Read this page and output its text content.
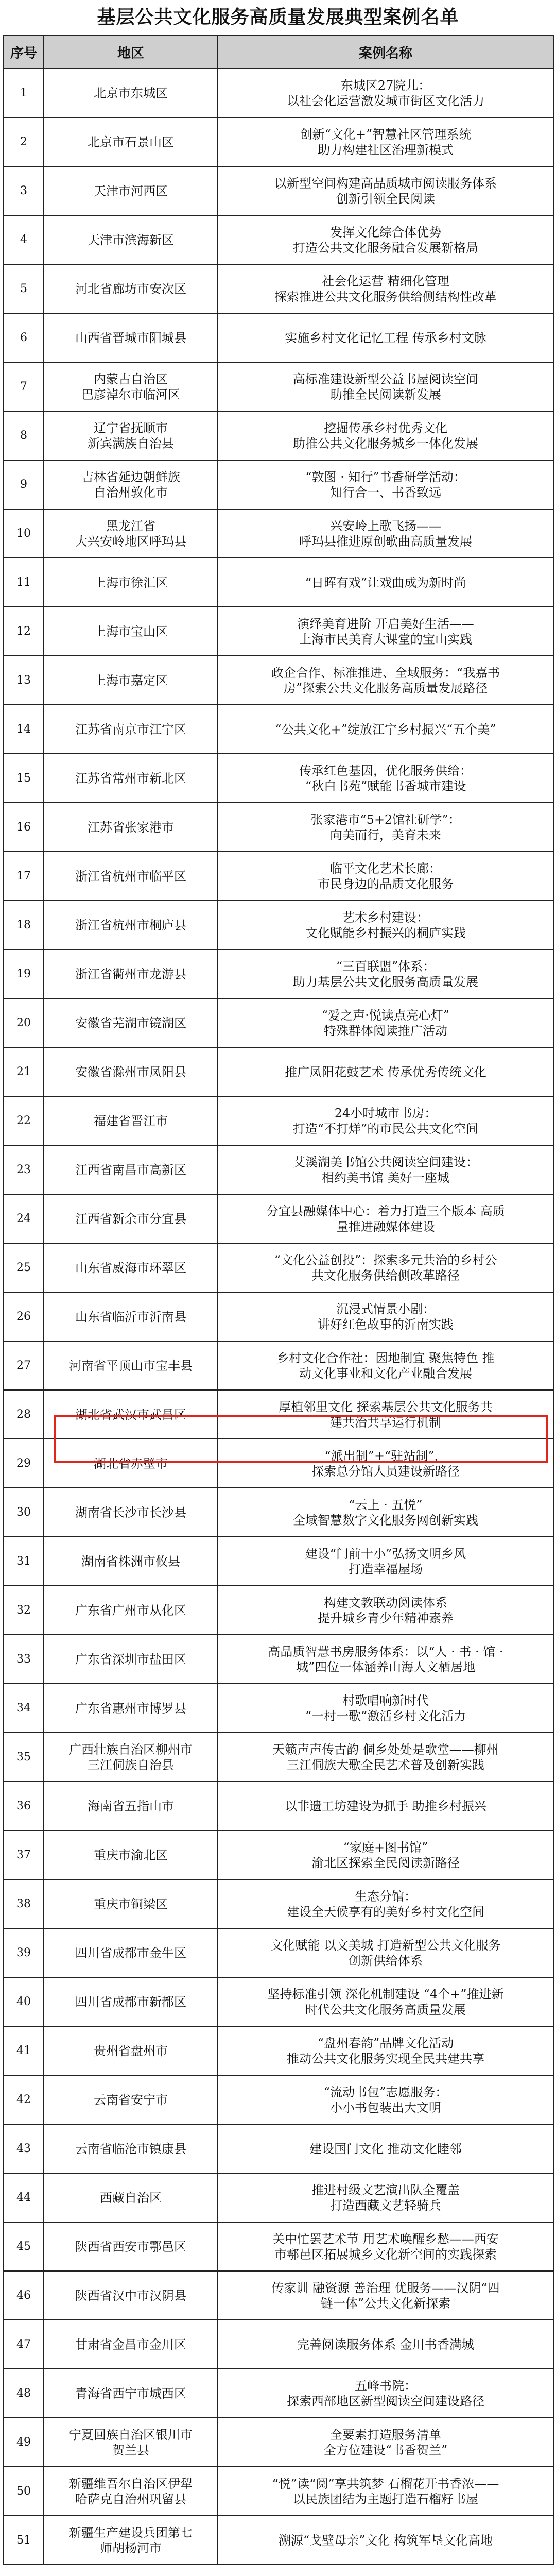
基层公共文化服务高质量发展典型案例名单
序号	地区	案例名称
1	北京市东城区	东城区27院儿：
以社会化运营激发城市街区文化活力
2	北京市石景山区	创新“文化+”智慧社区管理系统
助力构建社区治理新模式
3	天津市河西区	以新型空间构建高品质城市阅读服务体系
创新引领全民阅读
4	天津市滨海新区	发挥文化综合体优势
打造公共文化服务融合发展新格局
5	河北省廊坊市安次区	社会化运营 精细化管理
探索推进公共文化服务供给侧结构性改革
6	山西省晋城市阳城县	实施乡村文化记忆工程 传承乡村文脉
7	内蒙古自治区
巴彦淖尔市临河区	高标准建设新型公益书屋阅读空间
助推全民阅读新发展
8	辽宁省抚顺市
新宾满族自治县	挖掘传承乡村优秀文化
助推公共文化服务城乡一体化发展
9	吉林省延边朝鲜族
自治州敦化市	“敦图 · 知行”书香研学活动：
知行合一、书香致远
10	黑龙江省
大兴安岭地区呼玛县	兴安岭上歌飞扬——
呼玛县推进原创歌曲高质量发展
11	上海市徐汇区	“日晖有戏”让戏曲成为新时尚
12	上海市宝山区	演绎美育进阶 开启美好生活——
上海市民美育大课堂的宝山实践
13	上海市嘉定区	政企合作、标准推进、全域服务：“我嘉书
房”探索公共文化服务高质量发展路径
14	江苏省南京市江宁区	“公共文化+”绽放江宁乡村振兴“五个美”
15	江苏省常州市新北区	传承红色基因，优化服务供给：
“秋白书苑”赋能书香城市建设
16	江苏省张家港市	张家港市“5+2馆社研学”：
向美而行，美育未来
17	浙江省杭州市临平区	临平文化艺术长廊：
市民身边的品质文化服务
18	浙江省杭州市桐庐县	艺术乡村建设：
文化赋能乡村振兴的桐庐实践
19	浙江省衢州市龙游县	“三百联盟”体系：
助力基层公共文化服务高质量发展
20	安徽省芜湖市镜湖区	“爱之声·悦读点亮心灯”
特殊群体阅读推广活动
21	安徽省滁州市凤阳县	推广凤阳花鼓艺术 传承优秀传统文化
22	福建省晋江市	24小时城市书房：
打造“不打烊”的市民公共文化空间
23	江西省南昌市高新区	艾溪湖美书馆公共阅读空间建设：
相约美书馆 美好一座城
24	江西省新余市分宜县	分宜县融媒体中心：着力打造三个版本 高质
量推进融媒体建设
25	山东省威海市环翠区	“文化公益创投”：探索多元共治的乡村公
共文化服务供给侧改革路径
26	山东省临沂市沂南县	沉浸式情景小剧：
讲好红色故事的沂南实践
27	河南省平顶山市宝丰县	乡村文化合作社：因地制宜 聚焦特色 推
动文化事业和文化产业融合发展
28	湖北省武汉市武昌区	厚植邻里文化 探索基层公共文化服务共
建共治共享运行机制
29	湖北省赤壁市	“派出制”+“驻站制”，
探索总分馆人员建设新路径
30	湖南省长沙市长沙县	“云上 · 五悦”
全域智慧数字文化服务网创新实践
31	湖南省株洲市攸县	建设“门前十小”弘扬文明乡风
打造幸福屋场
32	广东省广州市从化区	构建文教联动阅读体系
提升城乡青少年精神素养
33	广东省深圳市盐田区	高品质智慧书房服务体系：以“人 · 书 · 馆 ·
城”四位一体涵养山海人文栖居地
34	广东省惠州市博罗县	村歌唱响新时代
“一村一歌”激活乡村文化活力
35	广西壮族自治区柳州市
三江侗族自治县	天籁声声传古韵 侗乡处处是歌堂——柳州
三江侗族大歌全民艺术普及创新实践
36	海南省五指山市	以非遗工坊建设为抓手 助推乡村振兴
37	重庆市渝北区	“家庭+图书馆”
渝北区探索全民阅读新路径
38	重庆市铜梁区	生态分馆：
建设全天候享有的美好乡村文化空间
39	四川省成都市金牛区	文化赋能 以文美城 打造新型公共文化服务
创新供给体系
40	四川省成都市新都区	坚持标准引领 深化机制建设 “4个+”推进新
时代公共文化服务高质量发展
41	贵州省盘州市	“盘州春韵”品牌文化活动
推动公共文化服务实现全民共建共享
42	云南省安宁市	“流动书包”志愿服务：
小小书包装出大文明
43	云南省临沧市镇康县	建设国门文化 推动文化睦邻
44	西藏自治区	推进村级文艺演出队全覆盖
打造西藏文艺轻骑兵
45	陕西省西安市鄠邑区	关中忙罢艺术节 用艺术唤醒乡愁——西安
市鄠邑区拓展城乡文化新空间的实践探索
46	陕西省汉中市汉阴县	传家训 融资源 善治理 优服务——汉阴“四
链一体”公共文化新探索
47	甘肃省金昌市金川区	完善阅读服务体系 金川书香满城
48	青海省西宁市城西区	五峰书院：
探索西部地区新型阅读空间建设路径
49	宁夏回族自治区银川市
贺兰县	全要素打造服务清单
全方位建设“书香贺兰”
50	新疆维吾尔自治区伊犁
哈萨克自治州巩留县	“悦”读“阅”享共筑梦 石榴花开书香浓——
以民族团结为主题打造石榴籽书屋
51	新疆生产建设兵团第七
师胡杨河市	溯源“戈壁母亲”文化 构筑军垦文化高地
